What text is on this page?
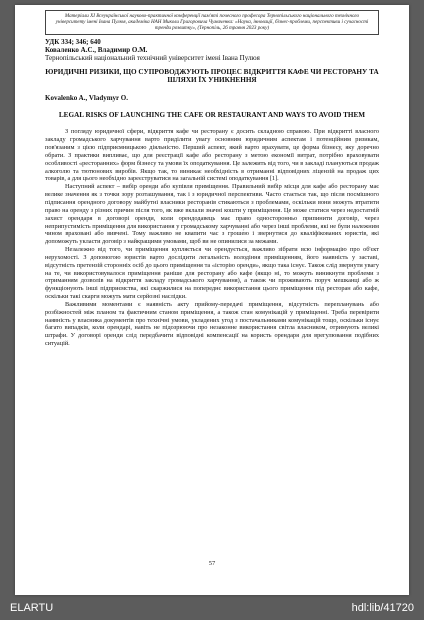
Матеріали ХІ Всеукраїнської науково-практичної конференції пам'яті почесного професора Тернопільського національного технічного університету імені Івана Пулюя, академіка НАН Миколи Григоровича Чумаченка: «Наука, інновації, бізнес-проблеми, перспективи і сучасності тренди розвитку», (Тернопіль, 26 травня 2023 року)
УДК 334; 346; 640
Коваленко А.С., Владимир О.М.
Тернопільський національний технічний університет імені Івана Пулюя
ЮРИДИЧНІ РИЗИКИ, ЩО СУПРОВОДЖУЮТЬ ПРОЦЕС ВІДКРИТТЯ КАФЕ ЧИ РЕСТОРАНУ ТА ШЛЯХИ ЇХ УНИКНЕННЯ
Kovalenko A., Vladymyr O.
LEGAL RISKS OF LAUNCHING THE CAFE OR RESTAURANT AND WAYS TO AVOID THEM

З погляду юридичної сфери, відкриття кафе чи ресторану є досить складною справою. При відкритті власного закладу громадського харчування варто приділити увагу основним юридичним аспектам і потенційним ризикам, пов'язаним з цією підприємницькою діяльністю. Перший аспект, який варто врахувати, це форма бізнесу, яку доречно обрати. З практики випливає, що для реєстрації кафе або ресторану з метою економії витрат, потрібно враховувати особливості «ресторанних» форм бізнесу та умови їх оподаткування. Це залежить від того, чи в закладі плануються продаж алкоголю та тютюнових виробів. Якщо так, то виникає необхідність в отриманні відповідних ліцензій на продаж цих товарів, а для цього необхідно зареєструватися на загальній системі оподаткування [1].

Наступний аспект – вибір оренди або купівля приміщення. Правильний вибір місця для кафе або ресторану має велике значення як з точки зору розташування, так і з юридичної перспективи. Часто стається так, що після посмішного підписання орендного договору майбутні власники ресторанів стикаються з проблемами, оскільки вони можуть втратити право на оренду з різних причин після того, як вже вклали значні кошти у приміщення. Це може статися через недостатній захист орендаря в договорі оренди, коли орендодавець має право односторонньо припинити договір, через неприпустимість приміщення для використання у громадському харчуванні або через інші проблеми, які не були належним чином враховані або вивчені. Тому важливо не квапити час з гроше́ю і звернутися до кваліфікованих юристів, які допоможуть укласти договір з найкращими умовами, щоб ви не опинилися за межами.

Незалежно від того, чи приміщення купляється чи орендується, важливо зібрати всю інформацію про об'єкт нерухомості. З допомогою юристів варто дослідити легальність володіння приміщенням, його наявність у заставі, відсутність претензій сторонніх осіб до цього приміщення та «історію оренди», якщо така існує. Також слід звернути увагу на те, чи використовувалося приміщення раніше для ресторану або кафе (якщо ні, то можуть виникнути проблеми з отриманням дозволів на відкриття закладу громадського харчування), а також чи проживають поруч мешканці або ж функціонують інші підприємства, які скаржилися на попереднє використання цього приміщення під ресторан або кафе, оскільки такі скарги можуть мати серйозні наслідки.

Важливими моментами є наявність акту прийому-передачі приміщення, відсутність перепланувань або розбіжностей між планом та фактичним станом приміщення, а також стан комунікацій у приміщенні. Треба перевірити наявність у власника документів про технічні умови, укладених угод з постачальниками комунікацій тощо, оскільки існує багато випадків, коли орендарі, навіть не підозрюючи про незаконне використання світла власником, отримують великі штрафи. У договорі оренди слід передбачити відповідні компенсації на користь орендаря для врегулювання подібних ситуацій.

57
ELARTU	hdl:lib/41720
